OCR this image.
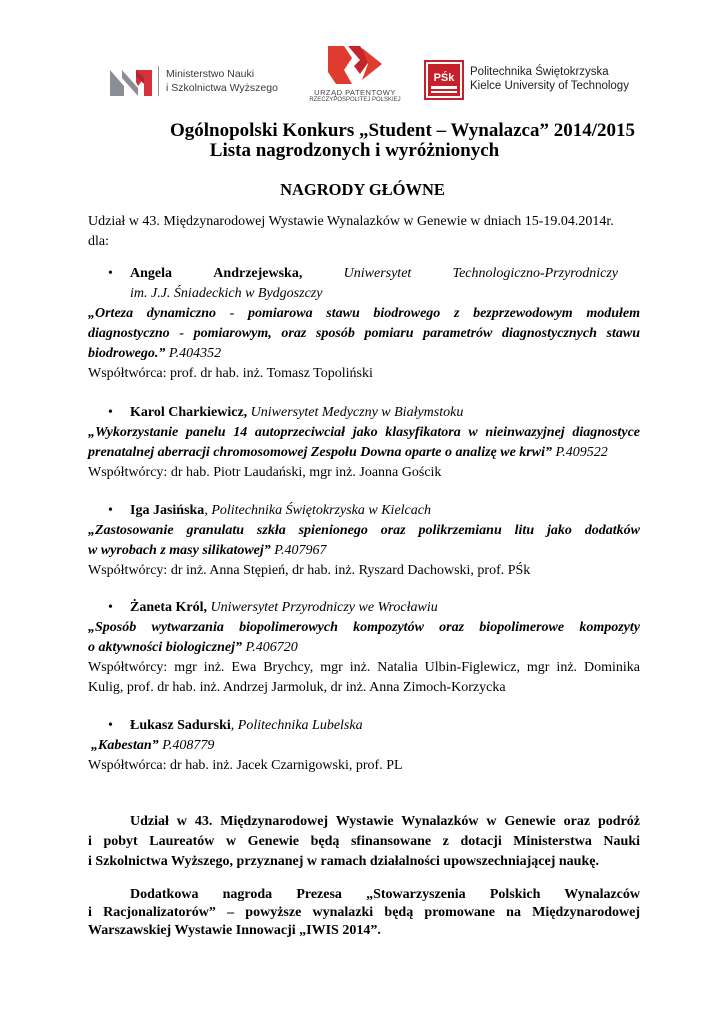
Ministerstwo Nauki
i Szkolnictwa Wyższego	URZĄD PATENTOWY
RZECZYPOSPOLITEJ POLSKIEJ
PŚk Politechnika Świętokrzyska
Kielce University of Technology
Ogólnopolski Konkurs „Student – Wynalazca” 2014/2015
Lista nagrodzonych i wyróżnionych
NAGRODY GŁÓWNE
Udział w 43. Międzynarodowej Wystawie Wynalazków w Genewie w dniach 15-19.04.2014r.
dla:
• Angela	Andrzejewska,	Uniwersytet	Technologiczno-Przyrodniczy
im. J.J. Śniadeckich w Bydgoszczy
„Orteza dynamiczno - pomiarowa stawu biodrowego z bezprzewodowym modułem
diagnostyczno - pomiarowym, oraz sposób pomiaru parametrów diagnostycznych stawu
biodrowego.” P.404352
Współtwórca: prof. dr hab. inż. Tomasz Topoliński
• Karol Charkiewicz, Uniwersytet Medyczny w Białymstoku
„Wykorzystanie panelu 14 autoprzeciwciał jako klasyfikatora w nieinwazyjnej diagnostyce
prenatalnej aberracji chromosomowej Zespołu Downa oparte o analizę we krwi” P.409522
Współtwórcy: dr hab. Piotr Laudański, mgr inż. Joanna Gościk
• Iga Jasińska, Politechnika Świętokrzyska w Kielcach
„Zastosowanie granulatu szkła spienionego oraz polikrzemianu litu jako dodatków
w wyrobach z masy silikatowej” P.407967
Współtwórcy: dr inż. Anna Stępień, dr hab. inż. Ryszard Dachowski, prof. PŚk
• Żaneta Król, Uniwersytet Przyrodniczy we Wrocławiu
„Sposób wytwarzania biopolimerowych kompozytów oraz biopolimerowe kompozyty
o aktywności biologicznej” P.406720
Współtwórcy: mgr inż. Ewa Brychcy, mgr inż. Natalia Ulbin-Figlewicz, mgr inż. Dominika
Kulig, prof. dr hab. inż. Andrzej Jarmoluk, dr inż. Anna Zimoch-Korzycka
• Łukasz Sadurski, Politechnika Lubelska
„Kabestan” P.408779
Współtwórca: dr hab. inż. Jacek Czarnigowski, prof. PL
Udział w 43. Międzynarodowej Wystawie Wynalazków w Genewie oraz podróż
i pobyt Laureatów w Genewie będą sfinansowane z dotacji Ministerstwa Nauki
i Szkolnictwa Wyższego, przyznanej w ramach działalności upowszechniającej naukę.
Dodatkowa nagroda Prezesa „Stowarzyszenia Polskich Wynalazców
i Racjonalizatorów” – powyższe wynalazki będą promowane na Międzynarodowej
Warszawskiej Wystawie Innowacji „IWIS 2014”.
